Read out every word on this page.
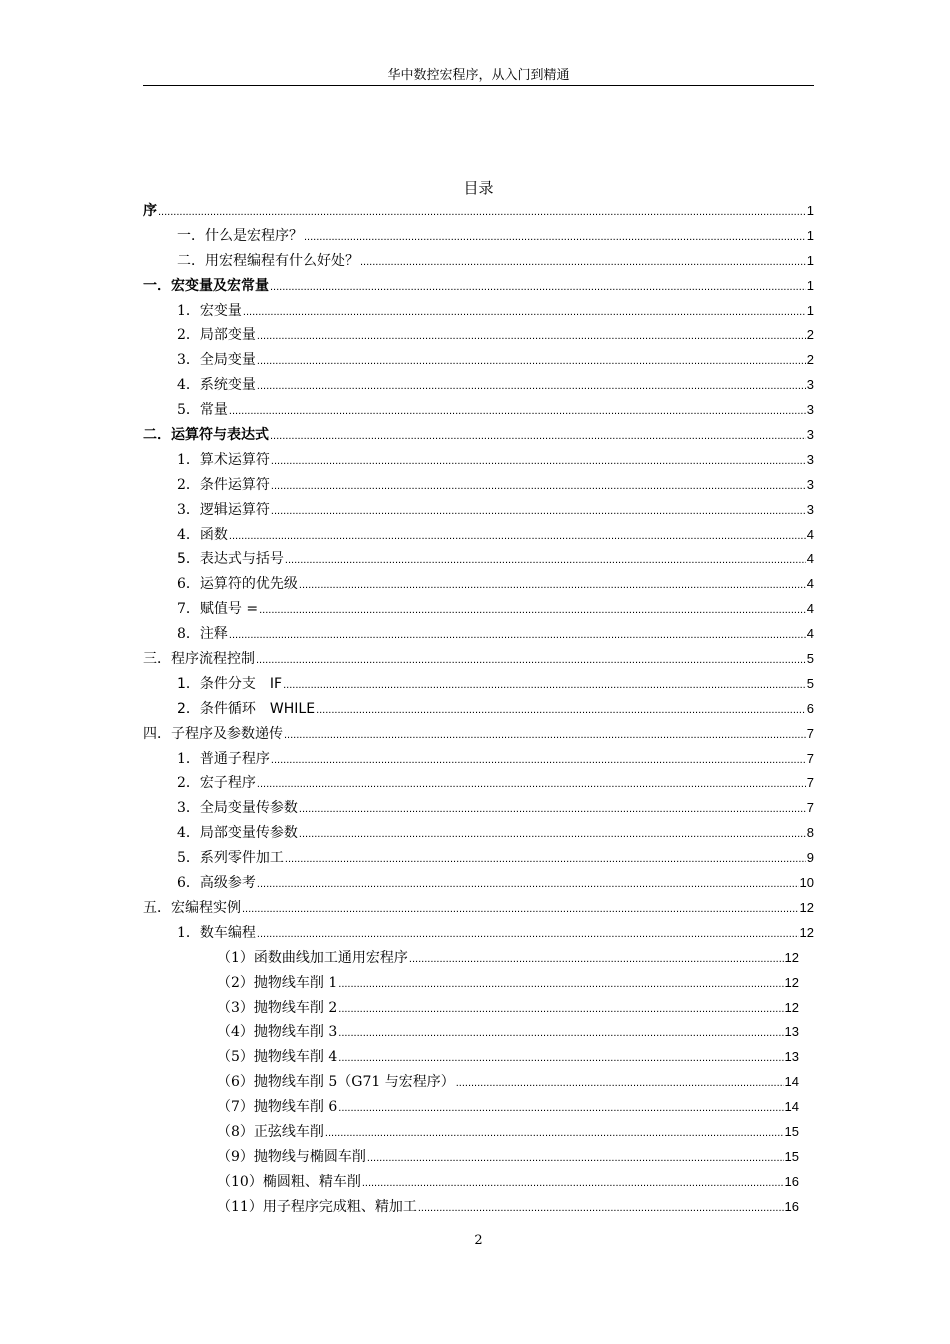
华中数控宏程序，从入门到精通
目录
序 .....	1
一．什么是宏程序？ .....	1
二．用宏程编程有什么好处？ .....	1
一．宏变量及宏常量 .....	1
1．宏变量 .....	1
2．局部变量 .....	2
3．全局变量 .....	2
4．系统变量 .....	3
5．常量 .....	3
二．运算符与表达式 .....	3
1．算术运算符 .....	3
2．条件运算符 .....	3
3．逻辑运算符 .....	3
4．函数 .....	4
5．表达式与括号 .....	4
6．运算符的优先级 .....	4
7．赋值号 = .....	4
8．注释 .....	4
三．程序流程控制 .....	5
1．条件分支　IF .....	5
2．条件循环　WHILE .....	6
四．子程序及参数递传 .....	7
1．普通子程序 .....	7
2．宏子程序 .....	7
3．全局变量传参数 .....	7
4．局部变量传参数 .....	8
5．系列零件加工 .....	9
6．高级参考 .....	10
五．宏编程实例 .....	12
1．数车编程 .....	12
（1）函数曲线加工通用宏程序 .....	12
（2）抛物线车削 1 .....	12
（3）抛物线车削 2 .....	12
（4）抛物线车削 3 .....	13
（5）抛物线车削 4 .....	13
（6）抛物线车削 5（G71 与宏程序） .....	14
（7）抛物线车削 6 .....	14
（8）正弦线车削 .....	15
（9）抛物线与椭圆车削 .....	15
（10）椭圆粗、精车削 .....	16
（11）用子程序完成粗、精加工 .....	16
2
